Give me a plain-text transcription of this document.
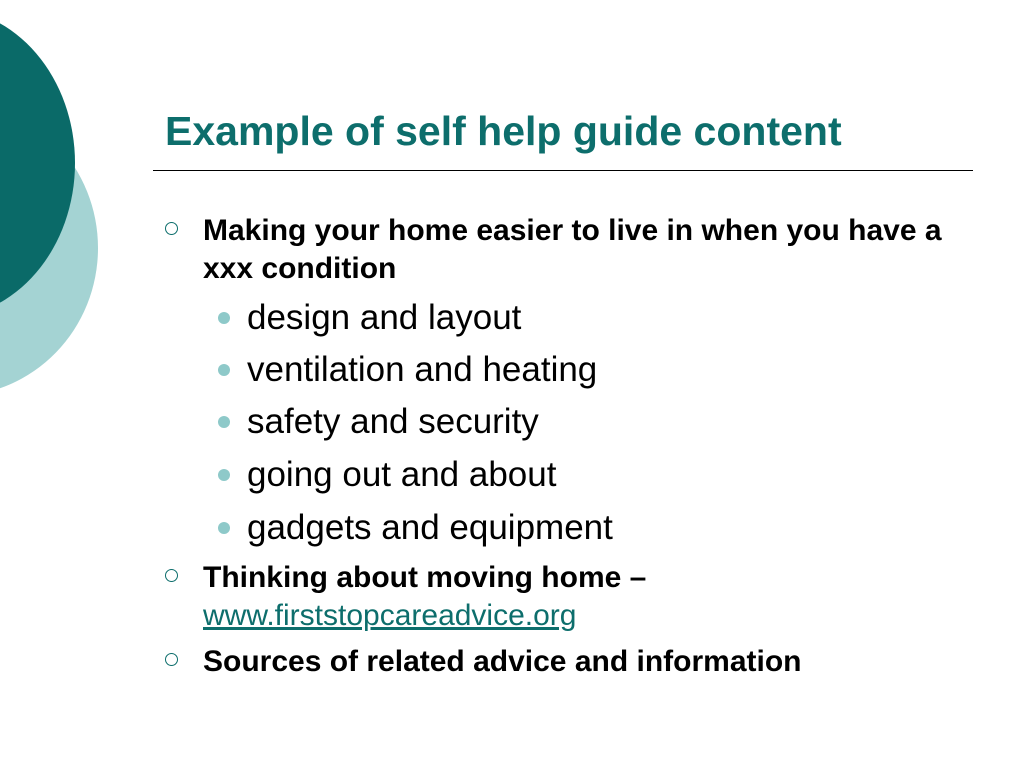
Example of self help guide content
Making your home easier to live in when you have a xxx condition
design and layout
ventilation and heating
safety and security
going out and about
gadgets and equipment
Thinking about moving home –
www.firststopcareadvice.org
Sources of related advice and information
